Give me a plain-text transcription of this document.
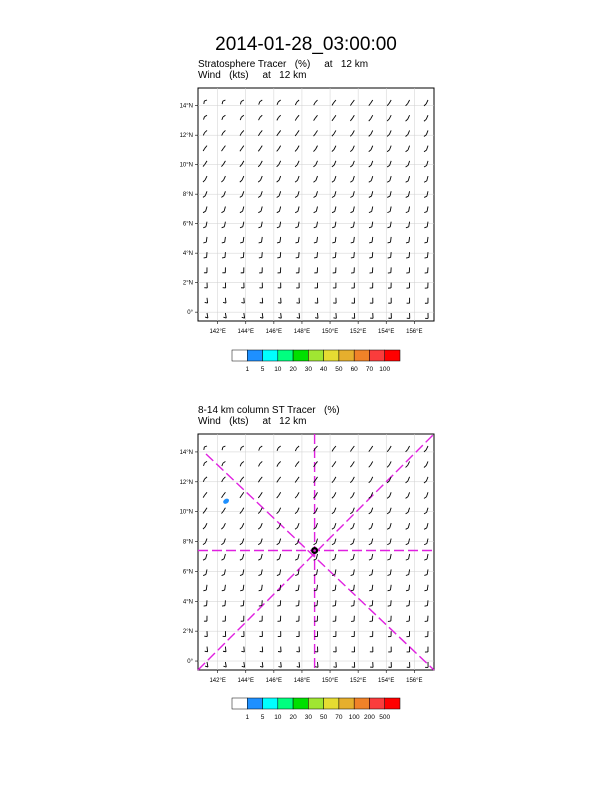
2014-01-28_03:00:00
Stratosphere Tracer (%) at   12 km
Wind (kts) at   12 km
8-14 km column ST Tracer (%)
Wind (kts) at   12 km
142°E 144°E 146°E 148°E 150°E 152°E 154°E 156°E
0°
2°N
4°N
6°N
8°N
10°N
12°N
14°N
1 5 10 20 30 40 50 60 70 100
142°E 144°E 146°E 148°E 150°E 152°E 154°E 156°E
0°
2°N
4°N
6°N
8°N
10°N
12°N
14°N
1 5 10 20 30 50 70 100 200 500
